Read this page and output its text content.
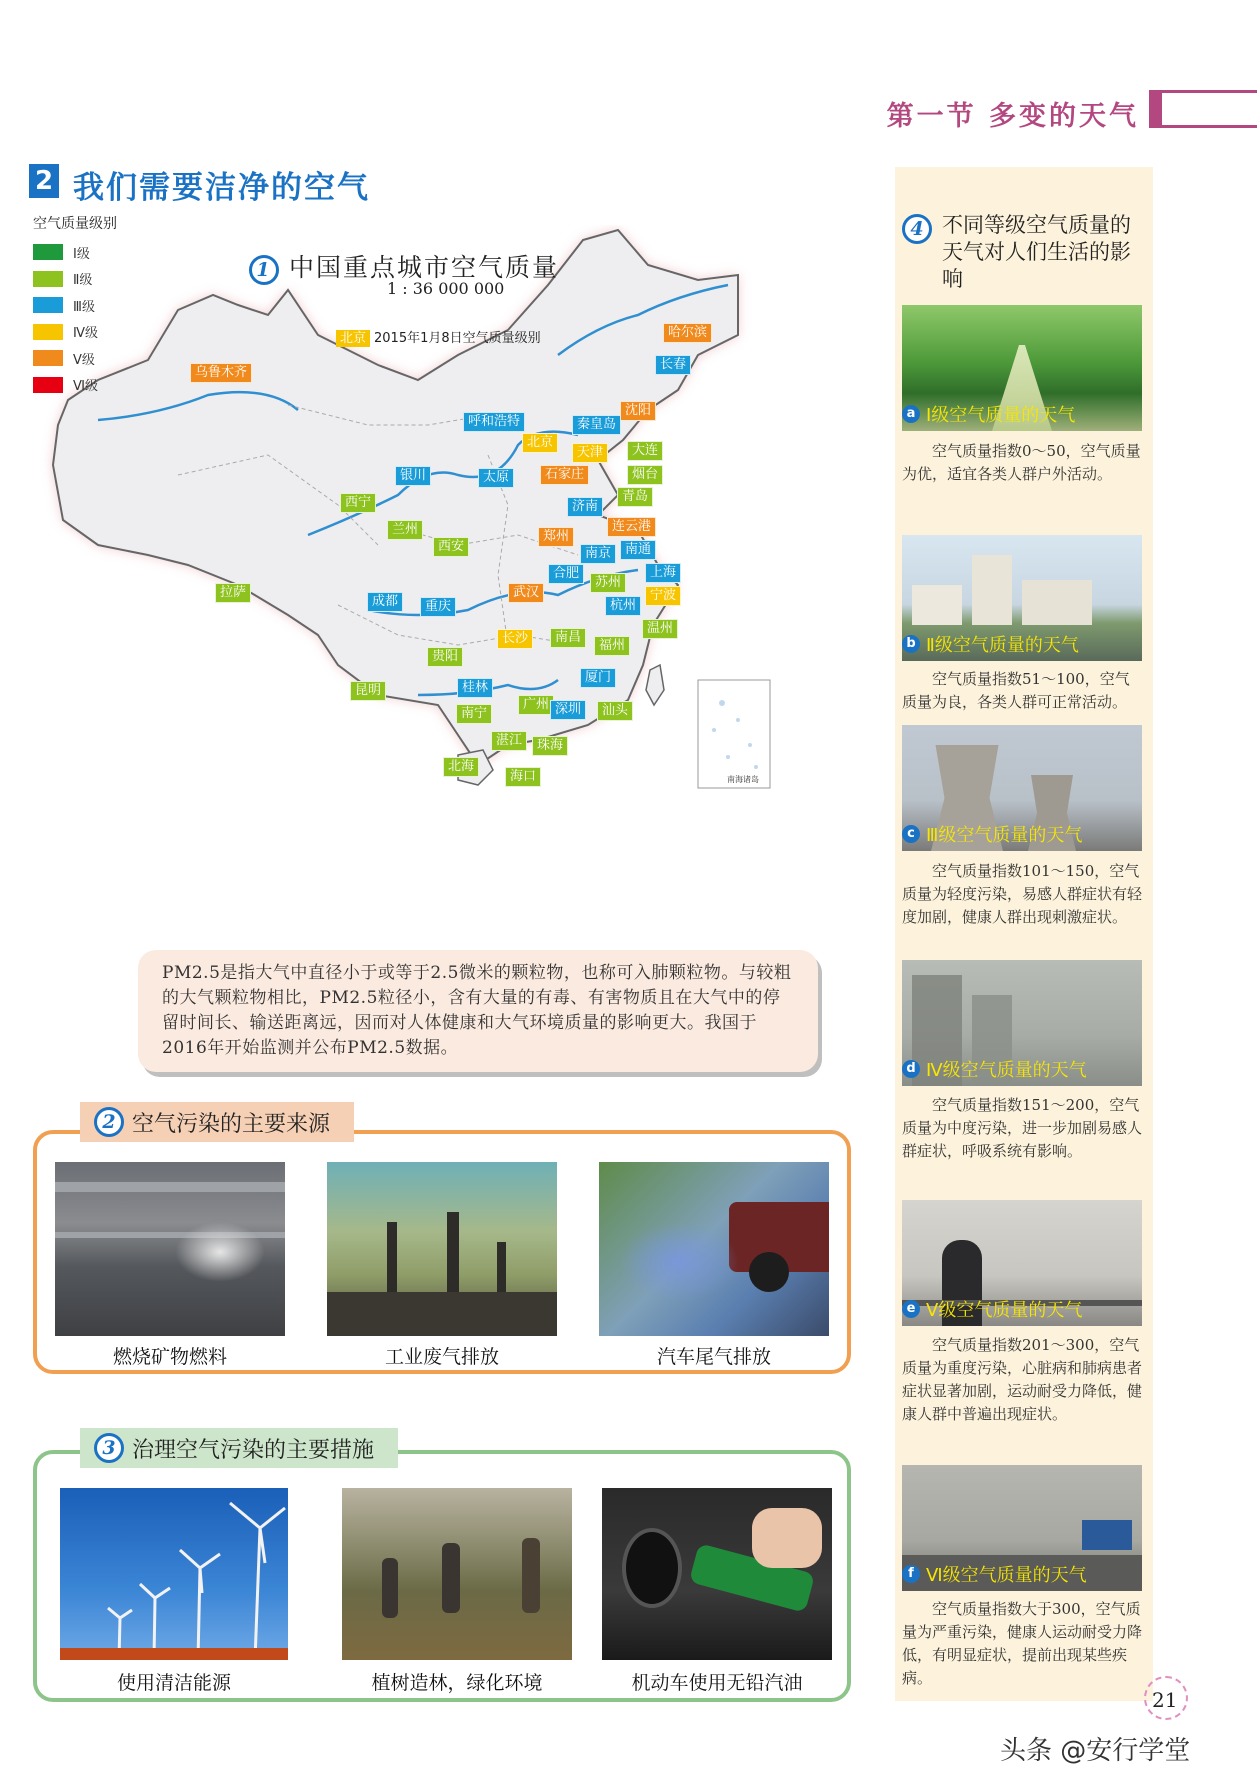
第一节 多变的天气
2 我们需要洁净的空气
南海诸岛
1 中国重点城市空气质量
1 : 36 000 000
北京 2015年1月8日空气质量级别
乌鲁木齐
哈尔滨
长春
沈阳
呼和浩特	秦皇岛
北京
天津	大连
银川	太原	石家庄	烟台
西宁	济南
青岛
兰州	连云港
西安
郑州
南京	南通
合肥	上海
拉萨
成都	重庆
武汉
苏州
宁波
杭州
长沙	南昌
温州
福州
贵阳
厦门
桂林
昆明
广州 深圳	汕头
南宁
湛江	珠海
北海
海口
空气质量级别
Ⅰ级
Ⅱ级
Ⅲ级
Ⅳ级
Ⅴ级
Ⅵ级
PM2.5是指大气中直径小于或等于2.5微米的颗粒物，也称可入肺颗粒物。与较粗的大气颗粒物相比，PM2.5粒径小，含有大量的有毒、有害物质且在大气中的停留时间长、输送距离远，因而对人体健康和大气环境质量的影响更大。我国于2016年开始监测并公布PM2.5数据。
2 空气污染的主要来源
燃烧矿物燃料	工业废气排放	汽车尾气排放
3 治理空气污染的主要措施
使用清洁能源	植树造林，绿化环境	机动车使用无铅汽油
4 不同等级空气质量的天气对人们生活的影响
a Ⅰ级空气质量的天气
空气质量指数0～50，空气质量为优，适宜各类人群户外活动。
b Ⅱ级空气质量的天气
空气质量指数51～100，空气质量为良，各类人群可正常活动。
c Ⅲ级空气质量的天气
空气质量指数101～150，空气质量为轻度污染，易感人群症状有轻度加剧，健康人群出现刺激症状。
d Ⅳ级空气质量的天气
空气质量指数151～200，空气质量为中度污染，进一步加剧易感人群症状，呼吸系统有影响。
e Ⅴ级空气质量的天气
空气质量指数201～300，空气质量为重度污染，心脏病和肺病患者症状显著加剧，运动耐受力降低，健康人群中普遍出现症状。
f Ⅵ级空气质量的天气
空气质量指数大于300，空气质量为严重污染，健康人运动耐受力降低，有明显症状，提前出现某些疾病。
21
头条 @安行学堂
